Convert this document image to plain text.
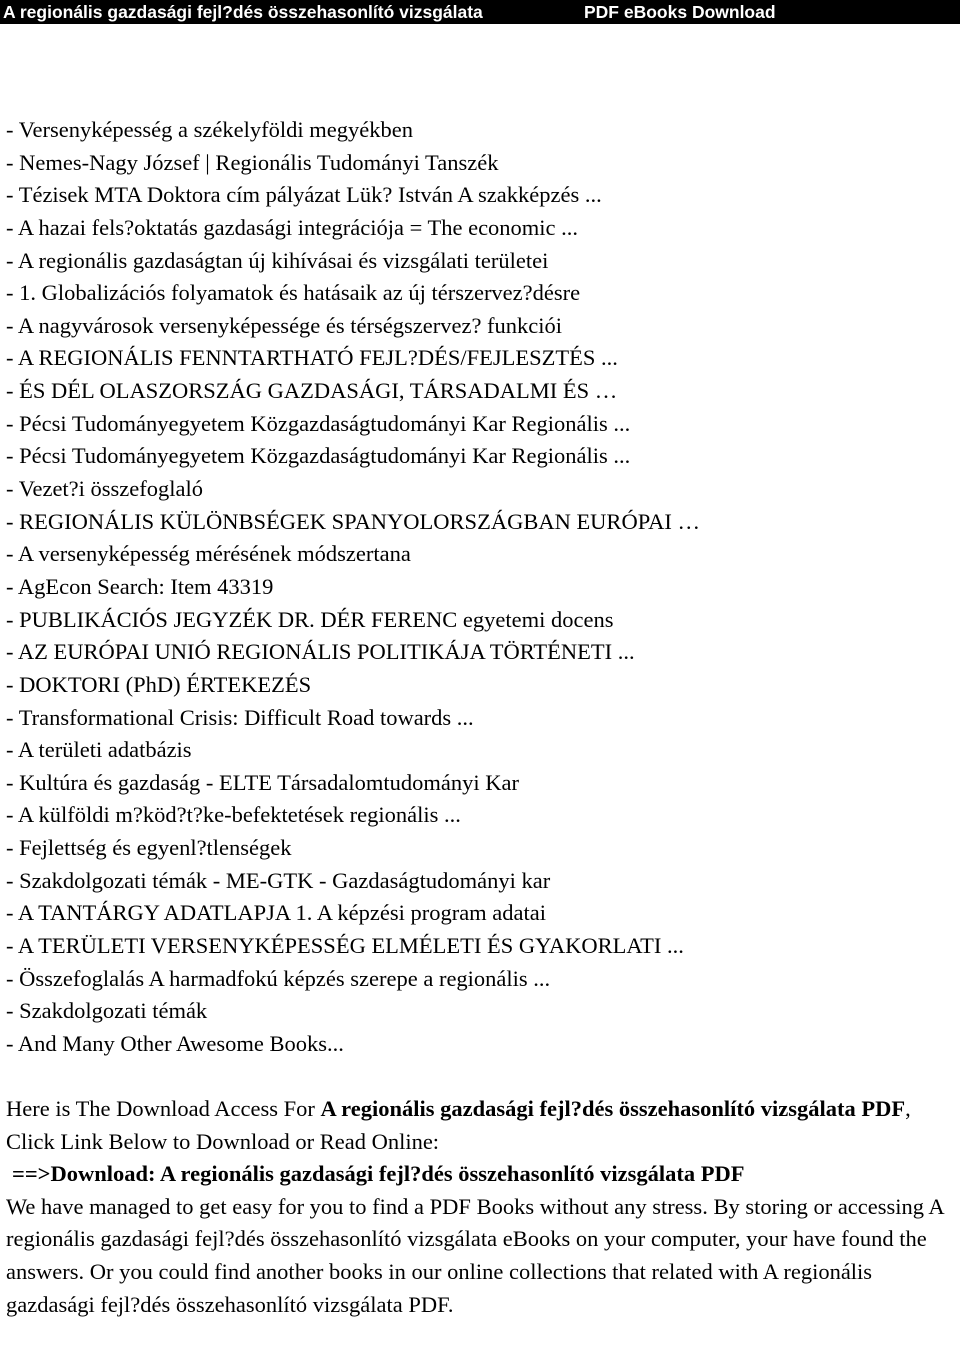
A regionális gazdasági fejl?dés összehasonlító vizsgálata	PDF eBooks Download
- Versenyképesség a székelyföldi megyékben
- Nemes-Nagy József | Regionális Tudományi Tanszék
- Tézisek MTA Doktora cím pályázat Lük? István A szakképzés ...
- A hazai fels?oktatás gazdasági integrációja = The economic ...
- A regionális gazdaságtan új kihívásai és vizsgálati területei
- 1. Globalizációs folyamatok és hatásaik az új térszervez?désre
- A nagyvárosok versenyképessége és térségszervez? funkciói
- A REGIONÁLIS FENNTARTHATÓ FEJL?DÉS/FEJLESZTÉS ...
- ÉS DÉL OLASZORSZÁG GAZDASÁGI, TÁRSADALMI ÉS …
- Pécsi Tudományegyetem Közgazdaságtudományi Kar Regionális ...
- Pécsi Tudományegyetem Közgazdaságtudományi Kar Regionális ...
- Vezet?i összefoglaló
- REGIONÁLIS KÜLÖNBSÉGEK SPANYOLORSZÁGBAN EURÓPAI …
- A versenyképesség mérésének módszertana
- AgEcon Search: Item 43319
- PUBLIKÁCIÓS JEGYZÉK DR. DÉR FERENC egyetemi docens
- AZ EURÓPAI UNIÓ REGIONÁLIS POLITIKÁJA TÖRTÉNETI ...
- DOKTORI (PhD) ÉRTEKEZÉS
- Transformational Crisis: Difficult Road towards ...
- A területi adatbázis
- Kultúra és gazdaság - ELTE Társadalomtudományi Kar
- A külföldi m?köd?t?ke-befektetések regionális ...
- Fejlettség és egyenl?tlenségek
- Szakdolgozati témák - ME-GTK - Gazdaságtudományi kar
- A TANTÁRGY ADATLAPJA 1. A képzési program adatai
- A TERÜLETI VERSENYKÉPESSÉG ELMÉLETI ÉS GYAKORLATI ...
- Összefoglalás A harmadfokú képzés szerepe a regionális ...
- Szakdolgozati témák
- And Many Other Awesome Books...

Here is The Download Access For A regionális gazdasági fejl?dés összehasonlító vizsgálata PDF, Click Link Below to Download or Read Online:

==>Download: A regionális gazdasági fejl?dés összehasonlító vizsgálata PDF

We have managed to get easy for you to find a PDF Books without any stress. By storing or accessing A regionális gazdasági fejl?dés összehasonlító vizsgálata eBooks on your computer, your have found the answers. Or you could find another books in our online collections that related with A regionális gazdasági fejl?dés összehasonlító vizsgálata PDF.
